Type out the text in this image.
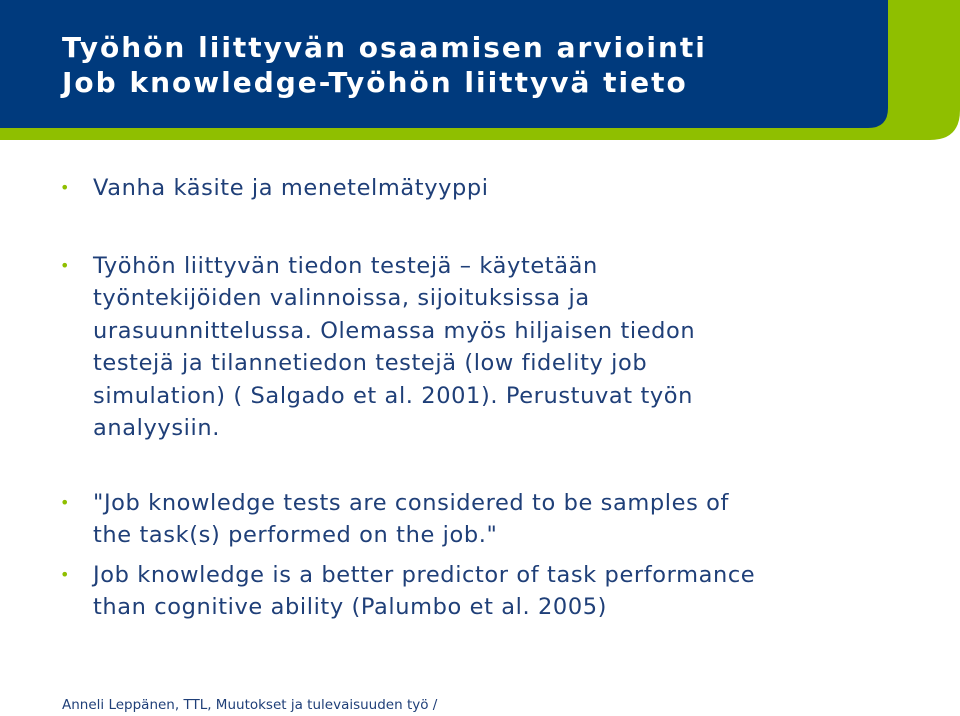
Työhön liittyvän osaamisen arviointi
Job knowledge-Työhön liittyvä tieto
• Vanha käsite ja menetelmätyyppi
• Työhön liittyvän tiedon testejä – käytetään
työntekijöiden valinnoissa, sijoituksissa ja
urasuunnittelussa. Olemassa myös hiljaisen tiedon
testejä ja tilannetiedon testejä (low fidelity job
simulation) ( Salgado et al. 2001). Perustuvat työn
analyysiin.
• "Job knowledge tests are considered to be samples of
the task(s) performed on the job."
• Job knowledge is a better predictor of task performance
than cognitive ability (Palumbo et al. 2005)
Anneli Leppänen, TTL, Muutokset ja tulevaisuuden työ /
